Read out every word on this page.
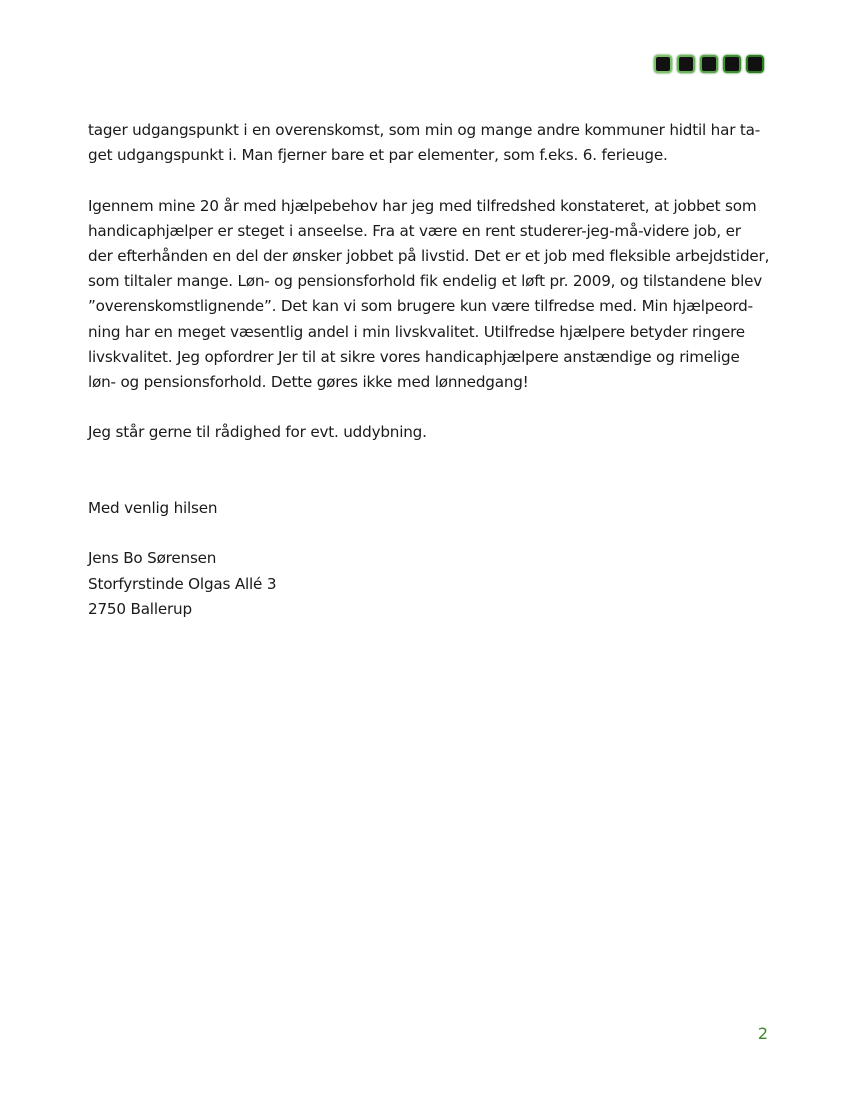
tager udgangspunkt i en overenskomst, som min og mange andre kommuner hidtil har ta-
get udgangspunkt i. Man fjerner bare et par elementer, som f.eks. 6. ferieuge.

Igennem mine 20 år med hjælpebehov har jeg med tilfredshed konstateret, at jobbet som
handicaphjælper er steget i anseelse. Fra at være en rent studerer-jeg-må-videre job, er
der efterhånden en del der ønsker jobbet på livstid. Det er et job med fleksible arbejdstider,
som tiltaler mange. Løn- og pensionsforhold fik endelig et løft pr. 2009, og tilstandene blev
”overenskomstlignende”. Det kan vi som brugere kun være tilfredse med. Min hjælpeord-
ning har en meget væsentlig andel i min livskvalitet. Utilfredse hjælpere betyder ringere
livskvalitet. Jeg opfordrer Jer til at sikre vores handicaphjælpere anstændige og rimelige
løn- og pensionsforhold. Dette gøres ikke med lønnedgang!

Jeg står gerne til rådighed for evt. uddybning.

Med venlig hilsen

Jens Bo Sørensen

Storfyrstinde Olgas Allé 3

2750 Ballerup

2
